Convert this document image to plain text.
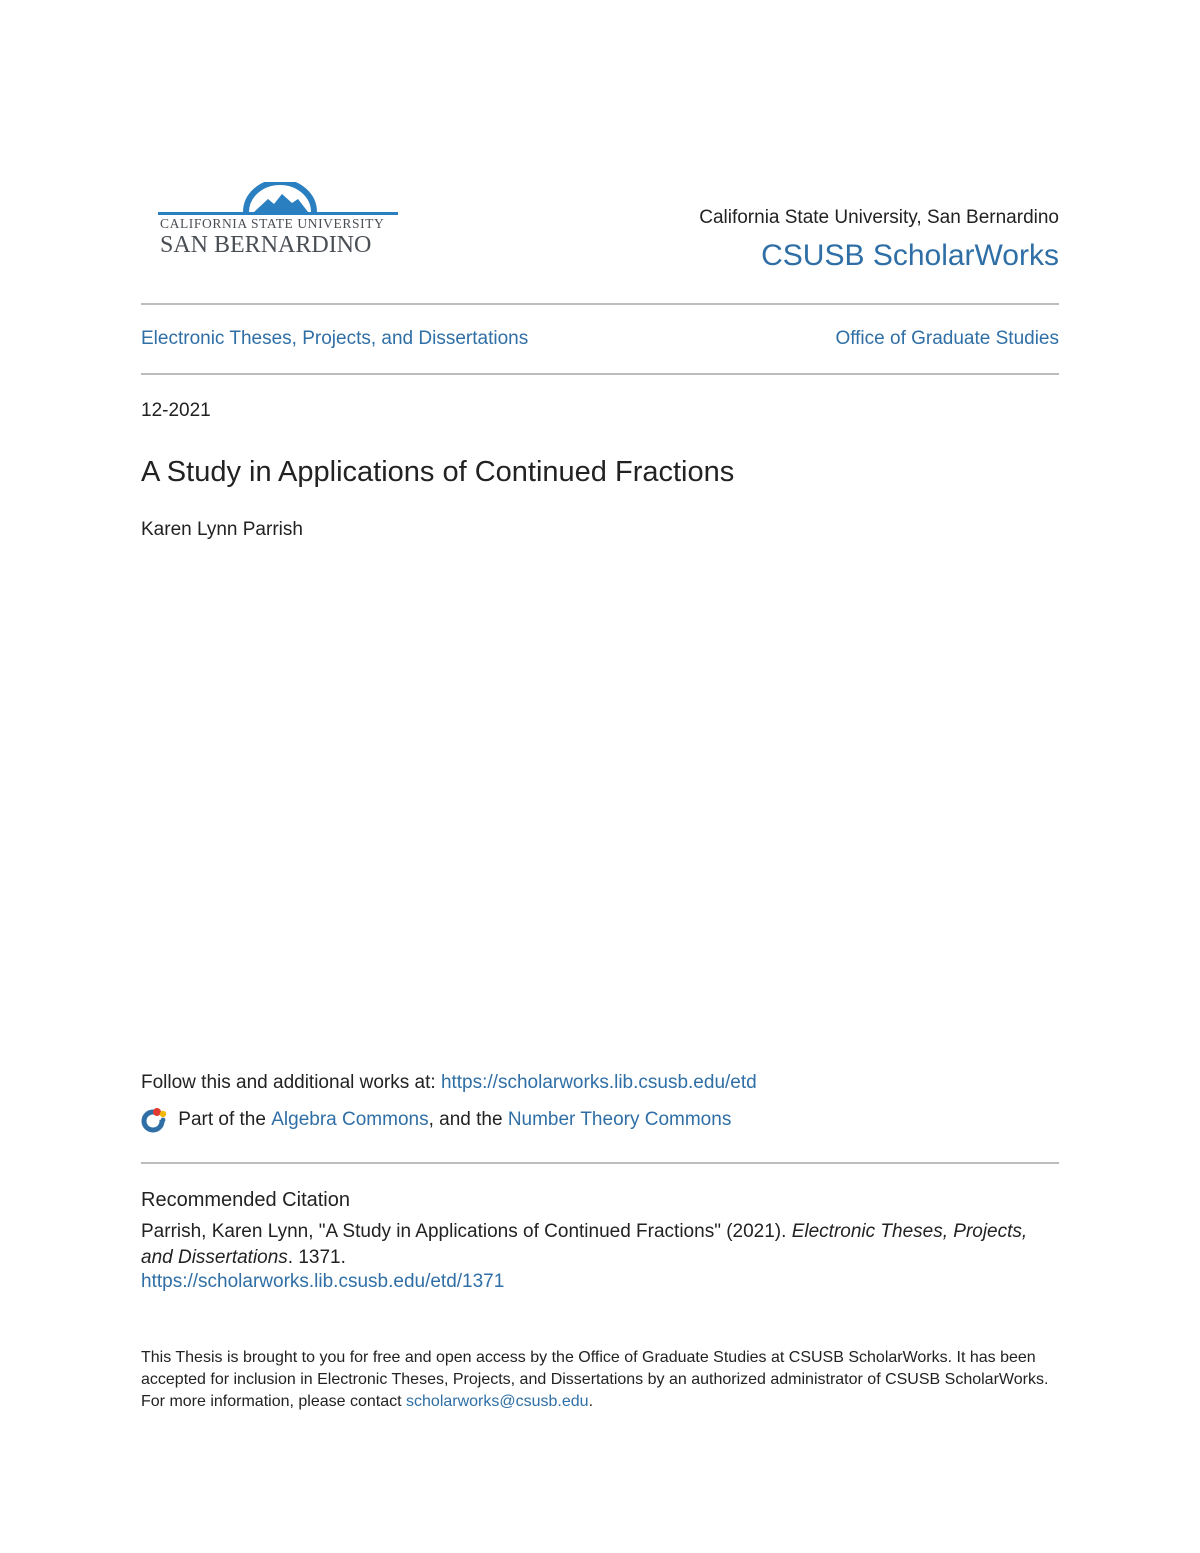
CALIFORNIA STATE UNIVERSITY
SAN BERNARDINO
California State University, San Bernardino
CSUSB ScholarWorks
Electronic Theses, Projects, and Dissertations	Office of Graduate Studies
12-2021
A Study in Applications of Continued Fractions
Karen Lynn Parrish
Follow this and additional works at: https://scholarworks.lib.csusb.edu/etd
Part of the Algebra Commons , and the Number Theory Commons
Recommended Citation
Parrish, Karen Lynn, "A Study in Applications of Continued Fractions" (2021). Electronic Theses, Projects, and Dissertations. 1371.
https://scholarworks.lib.csusb.edu/etd/1371
This Thesis is brought to you for free and open access by the Office of Graduate Studies at CSUSB ScholarWorks. It has been accepted for inclusion in Electronic Theses, Projects, and Dissertations by an authorized administrator of CSUSB ScholarWorks. For more information, please contact scholarworks@csusb.edu.
